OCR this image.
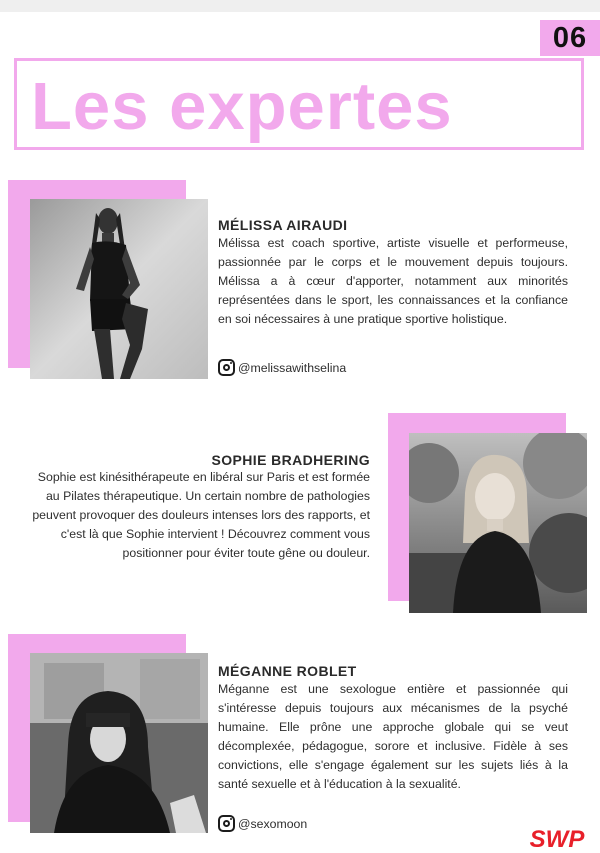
06
Les expertes
MÉLISSA AIRAUDI
Mélissa est coach sportive, artiste visuelle et performeuse, passionnée par le corps et le mouvement depuis toujours. Mélissa a à cœur d'apporter, notamment aux minorités représentées dans le sport, les connaissances et la confiance en soi nécessaires à une pratique sportive holistique.
@melissawithselina
SOPHIE BRADHERING
Sophie est kinésithérapeute en libéral sur Paris et est formée au Pilates thérapeutique. Un certain nombre de pathologies peuvent provoquer des douleurs intenses lors des rapports, et c'est là que Sophie intervient ! Découvrez comment vous positionner pour éviter toute gêne ou douleur.
MÉGANNE ROBLET
Méganne est une sexologue entière et passionnée qui s'intéresse depuis toujours aux mécanismes de la psyché humaine. Elle prône une approche globale qui se veut décomplexée, pédagogue, sorore et inclusive. Fidèle à ses convictions, elle s'engage également sur les sujets liés à la santé sexuelle et à l'éducation à la sexualité.
@sexomoon
SWP
